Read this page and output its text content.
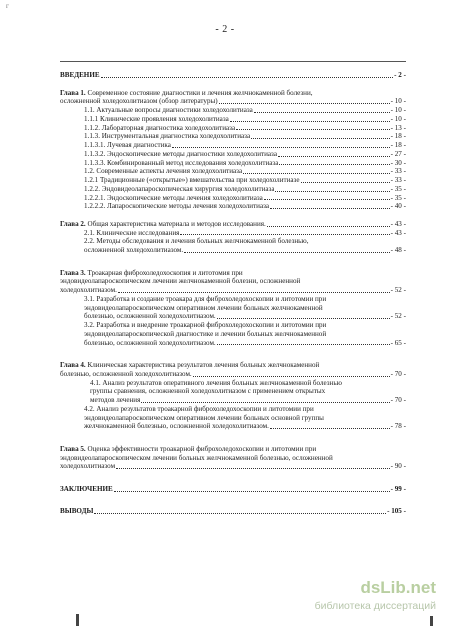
г
- 2 -
ВВЕДЕНИЕ	- 2 -
Глава 1. Современное состояние диагностики и лечения желчнокаменной болезни,
осложненной холедохолитиазом (обзор литературы)	- 10 -
1.1. Актуальные вопросы диагностики холедохолитиаза	- 10 -
1.1.1 Клинические проявления холедохолитиаза	- 10 -
1.1.2. Лабораторная диагностика холедохолитиаза	- 13 -
1.1.3. Инструментальная диагностика холедохолитиаза	- 18 -
1.1.3.1. Лучевая диагностика	- 18 -
1.1.3.2. Эндоскопические методы диагностики холедохолитиаза	- 27 -
1.1.3.3. Комбинированный метод исследования холедохолитиаза	- 30 -
1.2. Современные аспекты лечения холедохолитиаза	- 33 -
1.2.1 Традиционные («открытые») вмешательства при холедохолитиазе	- 33 -
1.2.2. Эндовидеолапароскопическая хирургия холедохолитиаза	- 35 -
1.2.2.1. Эндоскопические методы лечения холедохолитиаза	- 35 -
1.2.2.2. Лапароскопические методы лечения холедохолитиаза	- 40 -
Глава 2. Общая характеристика материала и методов исследования.	- 43 -
2.1. Клинические исследования	- 43 -
2.2. Методы обследования и лечения больных желчнокаменной болезнью,
осложненной холедохолитиазом.	- 48 -
Глава 3. Троакарная фиброхоледохоскопия и литотомия при
эндовидеолапароскопическом лечении желчнокаменной болезни, осложненной
холедохолитиазом.	- 52 -
3.1. Разработка и создание троакара для фиброхоледохоскопии и литотомии при
эндовидеолапароскопическом оперативном лечении больных желчнокаменной
болезнью, осложненной холедохолитиазом.	- 52 -
3.2. Разработка и внедрение троакарной фиброхоледохоскопии и литотомии при
эндовидеолапароскопической диагностике и лечении больных желчнокаменной
болезнью, осложненной холедохолитиазом.	- 65 -
Глава 4. Клиническая характеристика результатов лечения больных желчнокаменной
болезнью, осложненной холедохолитиазом.	- 70 -
4.1. Анализ результатов оперативного лечения больных желчнокаменной болезнью
группы сравнения, осложненной холедохолитиазом с применением открытых
методов лечения	- 70 -
4.2. Анализ результатов троакарной фиброхоледохоскопии и литотомии при
эндовидеолапароскопическом оперативном лечении больных основной группы
желчнокаменной болезнью, осложненной холедохолитиазом.	- 78 -
Глава 5. Оценка эффективности троакарной фиброхоледохоскопии и литотомии при
эндовидеолапароскопическом лечении больных желчнокаменной болезнью, осложненной
холедохолитиазом	- 90 -
ЗАКЛЮЧЕНИЕ	- 99 -
ВЫВОДЫ	- 105 -
dsLib.net
библиотека диссертаций
